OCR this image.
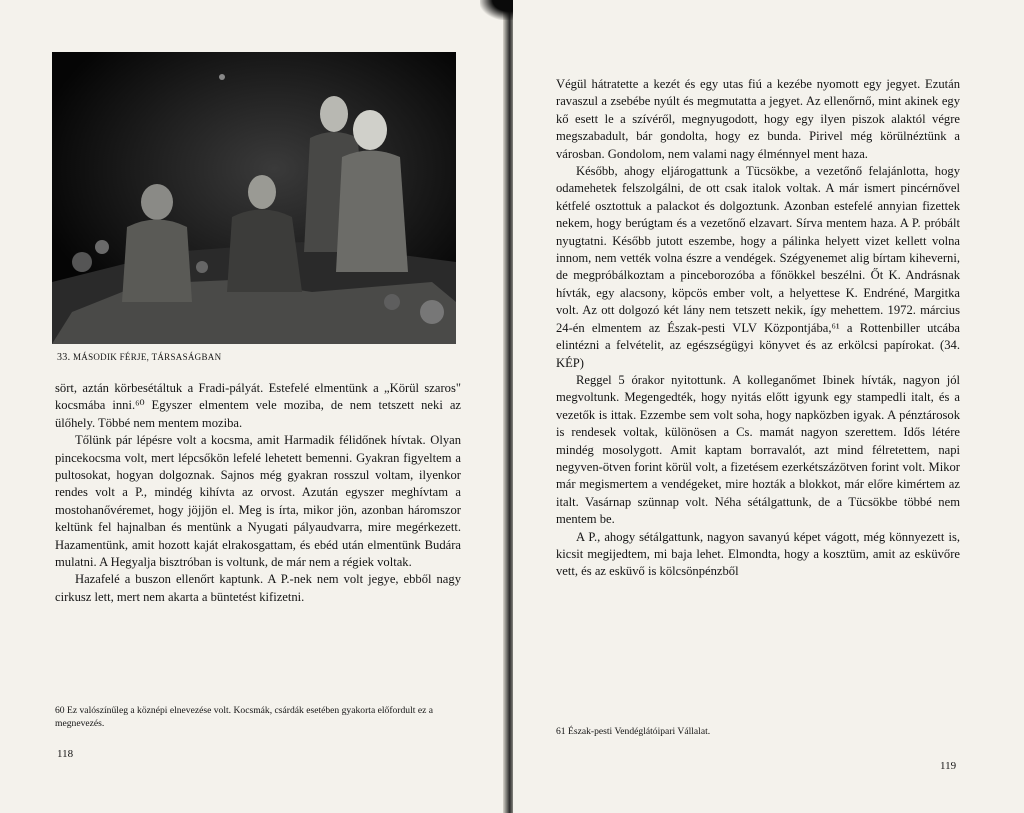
33. MÁSODIK FÉRJE, TÁRSASÁGBAN

sört, aztán körbesétáltuk a Fradi-pályát. Estefelé elmentünk a „Körül szaros" kocsmába inni.⁶⁰ Egyszer elmentem vele moziba, de nem tetszett neki az ülőhely. Többé nem mentem moziba.

Tőlünk pár lépésre volt a kocsma, amit Harmadik félidőnek hívtak. Olyan pincekocsma volt, mert lépcsőkön lefelé lehetett bemenni. Gyakran figyeltem a pultosokat, hogyan dolgoznak. Sajnos még gyakran rosszul voltam, ilyenkor rendes volt a P., mindég kihívta az orvost. Azután egyszer meghívtam a mostohanővéremet, hogy jöjjön el. Meg is írta, mikor jön, azonban háromszor keltünk fel hajnalban és mentünk a Nyugati pályaudvarra, mire megérkezett. Hazamentünk, amit hozott kaját elrakosgattam, és ebéd után elmentünk Budára mulatni. A Hegyalja bisztróban is voltunk, de már nem a régiek voltak.

Hazafelé a buszon ellenőrt kaptunk. A P.-nek nem volt jegye, ebből nagy cirkusz lett, mert nem akarta a büntetést kifizetni.

60 Ez valószínűleg a köznépi elnevezése volt. Kocsmák, csárdák esetében gyakorta előfordult ez a megnevezés.
118

Végül hátratette a kezét és egy utas fiú a kezébe nyomott egy jegyet. Ezután ravaszul a zsebébe nyúlt és megmutatta a jegyet. Az ellenőrnő, mint akinek egy kő esett le a szívéről, megnyugodott, hogy egy ilyen piszok alaktól végre megszabadult, bár gondolta, hogy ez bunda. Pirivel még körülnéztünk a városban. Gondolom, nem valami nagy élménnyel ment haza.

Később, ahogy eljárogattunk a Tücsökbe, a vezetőnő felajánlotta, hogy odamehetek felszolgálni, de ott csak italok voltak. A már ismert pincérnővel kétfelé osztottuk a palackot és dolgoztunk. Azonban estefelé annyian fizettek nekem, hogy berúgtam és a vezetőnő elzavart. Sírva mentem haza. A P. próbált nyugtatni. Később jutott eszembe, hogy a pálinka helyett vizet kellett volna innom, nem vették volna észre a vendégek. Szégyenemet alig bírtam kiheverni, de megpróbálkoztam a pinceborozóba a főnökkel beszélni. Őt K. Andrásnak hívták, egy alacsony, köpcös ember volt, a helyettese K. Endréné, Margitka volt. Az ott dolgozó két lány nem tetszett nekik, így mehettem. 1972. március 24-én elmentem az Észak-pesti VLV Központjába,⁶¹ a Rottenbiller utcába elintézni a felvételit, az egészségügyi könyvet és az erkölcsi papírokat. (34. KÉP)

Reggel 5 órakor nyitottunk. A kolleganőmet Ibinek hívták, nagyon jól megvoltunk. Megengedték, hogy nyitás előtt igyunk egy stampedli italt, és a vezetők is ittak. Ezzembe sem volt soha, hogy napközben igyak. A pénztárosok is rendesek voltak, különösen a Cs. mamát nagyon szerettem. Idős létére mindég mosolygott. Amit kaptam borravalót, azt mind félretettem, napi negyven-ötven forint körül volt, a fizetésem ezerkétszázötven forint volt. Mikor már megismertem a vendégeket, mire hozták a blokkot, már előre kimértem az italt. Vasárnap szünnap volt. Néha sétálgattunk, de a Tücsökbe többé nem mentem be.

A P., ahogy sétálgattunk, nagyon savanyú képet vágott, még könnyezett is, kicsit megijedtem, mi baja lehet. Elmondta, hogy a kosztüm, amit az esküvőre vett, és az esküvő is kölcsönpénzből

61 Észak-pesti Vendéglátóipari Vállalat.
119
